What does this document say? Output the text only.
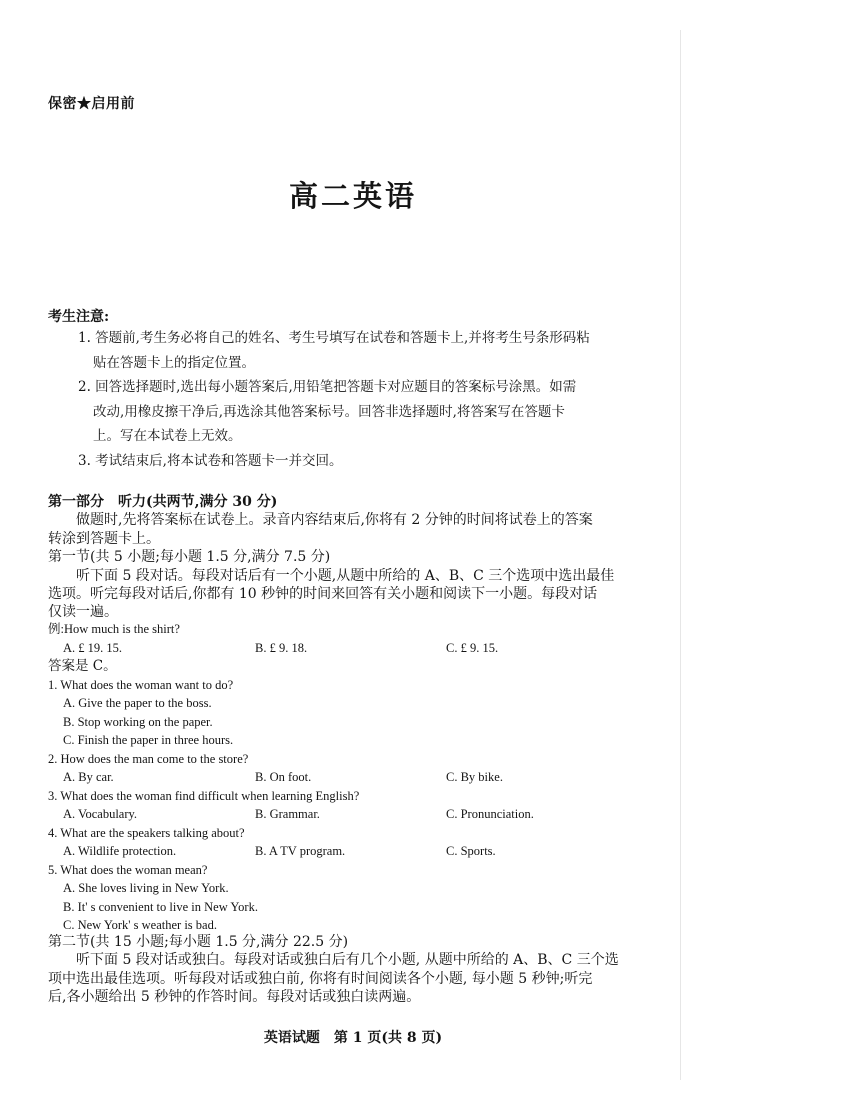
保密★启用前
高二英语
考生注意:
1. 答题前,考生务必将自己的姓名、考生号填写在试卷和答题卡上,并将考生号条形码粘
贴在答题卡上的指定位置。
2. 回答选择题时,选出每小题答案后,用铅笔把答题卡对应题目的答案标号涂黑。如需
改动,用橡皮擦干净后,再选涂其他答案标号。回答非选择题时,将答案写在答题卡
上。写在本试卷上无效。
3. 考试结束后,将本试卷和答题卡一并交回。
第一部分　听力(共两节,满分 30 分)
做题时,先将答案标在试卷上。录音内容结束后,你将有 2 分钟的时间将试卷上的答案
转涂到答题卡上。
第一节(共 5 小题;每小题 1.5 分,满分 7.5 分)
听下面 5 段对话。每段对话后有一个小题,从题中所给的 A、B、C 三个选项中选出最佳
选项。听完每段对话后,你都有 10 秒钟的时间来回答有关小题和阅读下一小题。每段对话
仅读一遍。
例:How much is the shirt?
A. £ 19. 15.	B. £ 9. 18.	C. £ 9. 15.
答案是 C。
1. What does the woman want to do?
A. Give the paper to the boss.
B. Stop working on the paper.
C. Finish the paper in three hours.
2. How does the man come to the store?
A. By car.	B. On foot.	C. By bike.
3. What does the woman find difficult when learning English?
A. Vocabulary.	B. Grammar.	C. Pronunciation.
4. What are the speakers talking about?
A. Wildlife protection.	B. A TV program.	C. Sports.
5. What does the woman mean?
A. She loves living in New York.
B. It' s convenient to live in New York.
C. New York' s weather is bad.
第二节(共 15 小题;每小题 1.5 分,满分 22.5 分)
听下面 5 段对话或独白。每段对话或独白后有几个小题, 从题中所给的 A、B、C 三个选
项中选出最佳选项。听每段对话或独白前, 你将有时间阅读各个小题, 每小题 5 秒钟;听完
后,各小题给出 5 秒钟的作答时间。每段对话或独白读两遍。
英语试题　第 1 页(共 8 页)
